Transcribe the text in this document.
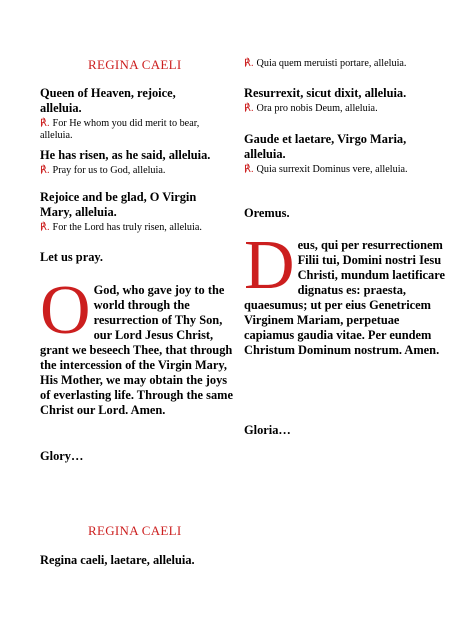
REGINA CAELI
Queen of Heaven, rejoice, alleluia.
℟. For He whom you did merit to bear, alleluia.
He has risen, as he said, alleluia.
℟. Pray for us to God, alleluia.
Rejoice and be glad, O Virgin Mary, alleluia.
℟. For the Lord has truly risen, alleluia.
Let us pray.
O God, who gave joy to the world through the resurrection of Thy Son, our Lord Jesus Christ, grant we beseech Thee, that through the intercession of the Virgin Mary, His Mother, we may obtain the joys of everlasting life. Through the same Christ our Lord. Amen.
Glory…
REGINA CAELI
Regina caeli, laetare, alleluia.
℟. Quia quem meruisti portare, alleluia.
Resurrexit, sicut dixit, alleluia.
℟. Ora pro nobis Deum, alleluia.
Gaude et laetare, Virgo Maria, alleluia.
℟. Quia surrexit Dominus vere, alleluia.
Oremus.
Deus, qui per resurrectionem Filii tui, Domini nostri Iesu Christi, mundum laetificare dignatus es: praesta, quaesumus; ut per eius Genetricem Virginem Mariam, perpetuae capiamus gaudia vitae. Per eundem Christum Dominum nostrum. Amen.
Gloria…
